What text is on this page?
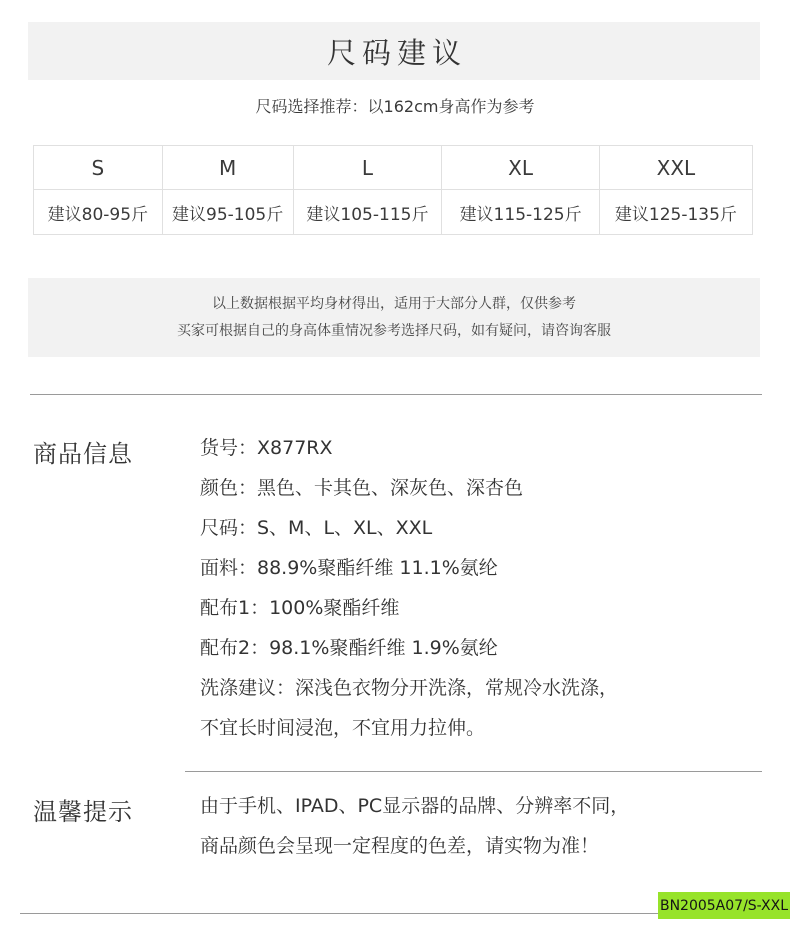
尺码建议
尺码选择推荐：以162cm身高作为参考
S	M	L	XL	XXL
建议80-95斤	建议95-105斤	建议105-115斤	建议115-125斤	建议125-135斤
以上数据根据平均身材得出，适用于大部分人群，仅供参考
买家可根据自己的身高体重情况参考选择尺码，如有疑问，请咨询客服
商品信息	货号：X877RX
颜色：黑色、卡其色、深灰色、深杏色
尺码：S、M、L、XL、XXL
面料：88.9%聚酯纤维 11.1%氨纶
配布1：100%聚酯纤维
配布2：98.1%聚酯纤维 1.9%氨纶
洗涤建议：深浅色衣物分开洗涤，常规冷水洗涤，
不宜长时间浸泡，不宜用力拉伸。
温馨提示	由于手机、IPAD、PC显示器的品牌、分辨率不同，
商品颜色会呈现一定程度的色差，请实物为准！
BN2005A07/S-XXL
